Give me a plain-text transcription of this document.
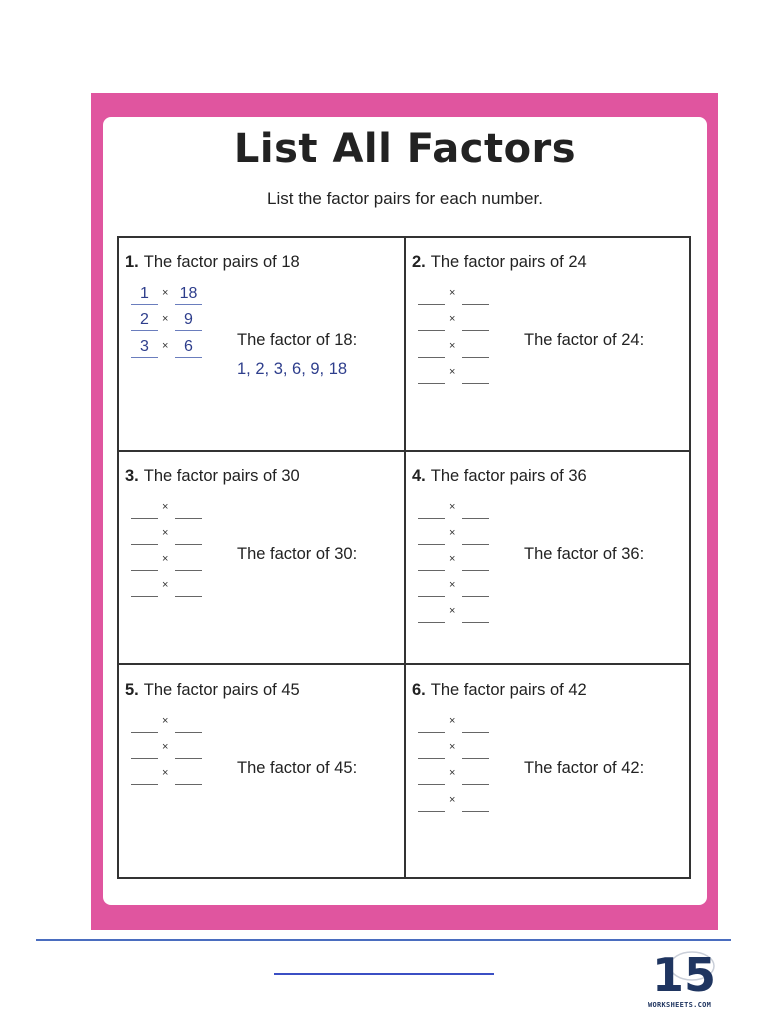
List All Factors
List the factor pairs for each number.
1. The factor pairs of 18
1	× 18
2	× 9
3	× 6	The factor of 18:
1, 2, 3, 6, 9, 18
2. The factor pairs of 24
×
×
×
×
The factor of 24:
3. The factor pairs of 30
×
×
×
×
The factor of 30:
4. The factor pairs of 36
×
×
×
×
×
The factor of 36:
5. The factor pairs of 45
×
×
×	The factor of 45:
6. The factor pairs of 42
×
×
×
×
The factor of 42:
15
WORKSHEETS.COM
